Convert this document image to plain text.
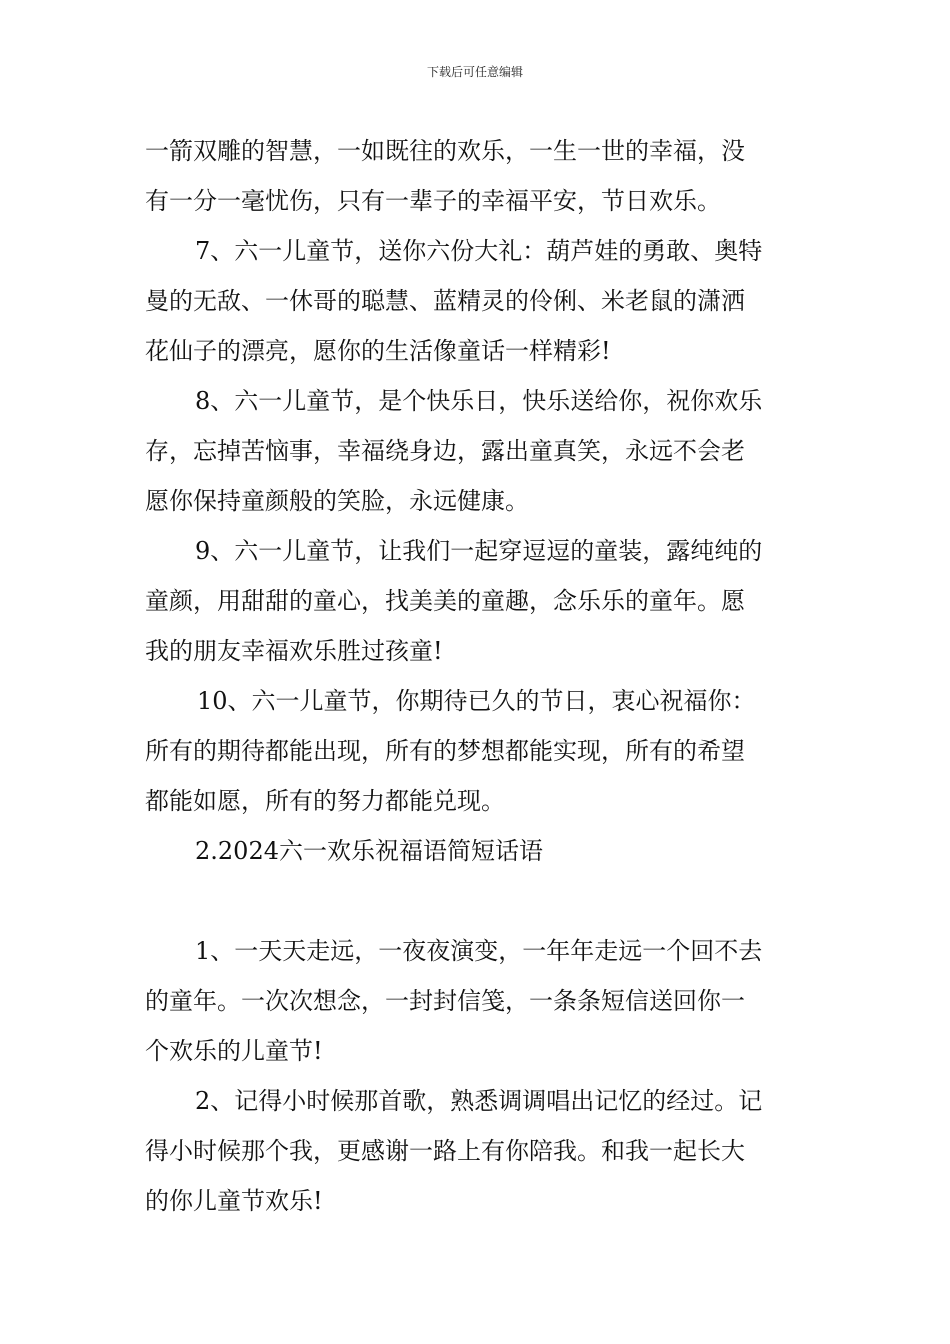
下载后可任意编辑
一箭双雕的智慧，一如既往的欢乐，一生一世的幸福，没
有一分一毫忧伤，只有一辈子的幸福平安，节日欢乐。
7、六一儿童节，送你六份大礼：葫芦娃的勇敢、奥特
曼的无敌、一休哥的聪慧、蓝精灵的伶俐、米老鼠的潇洒
花仙子的漂亮，愿你的生活像童话一样精彩!
8、六一儿童节，是个快乐日，快乐送给你，祝你欢乐
存，忘掉苦恼事，幸福绕身边，露出童真笑，永远不会老
愿你保持童颜般的笑脸，永远健康。
9、六一儿童节，让我们一起穿逗逗的童装，露纯纯的
童颜，用甜甜的童心，找美美的童趣，念乐乐的童年。愿
我的朋友幸福欢乐胜过孩童!
10、六一儿童节，你期待已久的节日，衷心祝福你：
所有的期待都能出现，所有的梦想都能实现，所有的希望
都能如愿，所有的努力都能兑现。
2.2024六一欢乐祝福语简短话语
1、一天天走远，一夜夜演变，一年年走远一个回不去
的童年。一次次想念，一封封信笺，一条条短信送回你一
个欢乐的儿童节!
2、记得小时候那首歌，熟悉调调唱出记忆的经过。记
得小时候那个我，更感谢一路上有你陪我。和我一起长大
的你儿童节欢乐!
